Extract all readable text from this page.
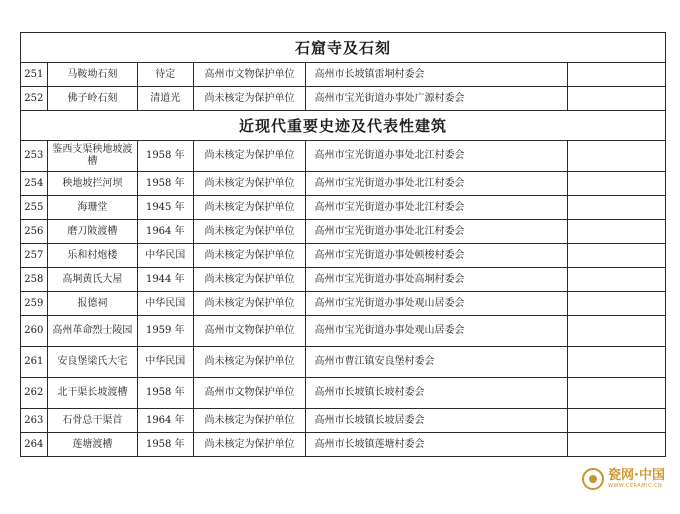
石窟寺及石刻					
251	马鞍坳石刻	待定	高州市文物保护单位	高州市长坡镇雷垌村委会	
252	佛子岭石刻	清道光	尚未核定为保护单位	高州市宝光街道办事处广源村委会	
近现代重要史迹及代表性建筑					
253	鉴西支渠秧地坡渡槽	1958 年	尚未核定为保护单位	高州市宝光街道办事处北江村委会	
254	秧地坡拦河坝	1958 年	尚未核定为保护单位	高州市宝光街道办事处北江村委会	
255	海珊堂	1945 年	尚未核定为保护单位	高州市宝光街道办事处北江村委会	
256	磨刀陂渡槽	1964 年	尚未核定为保护单位	高州市宝光街道办事处北江村委会	
257	乐和村炮楼	中华民国	尚未核定为保护单位	高州市宝光街道办事处顿梭村委会	
258	高垌黄氏大屋	1944 年	尚未核定为保护单位	高州市宝光街道办事处高垌村委会	
259	报德祠	中华民国	尚未核定为保护单位	高州市宝光街道办事处观山居委会	
260	高州革命烈士陵园	1959 年	高州市文物保护单位	高州市宝光街道办事处观山居委会	
261	安良堡梁氏大宅	中华民国	尚未核定为保护单位	高州市曹江镇安良堡村委会	
262	北干渠长坡渡槽	1958 年	高州市文物保护单位	高州市长坡镇长坡村委会	
263	石骨总干渠首	1964 年	尚未核定为保护单位	高州市长坡镇长坡居委会	
264	莲塘渡槽	1958 年	尚未核定为保护单位	高州市长坡镇莲塘村委会	
瓷网·中国
WWW.CERAMIC.CN
